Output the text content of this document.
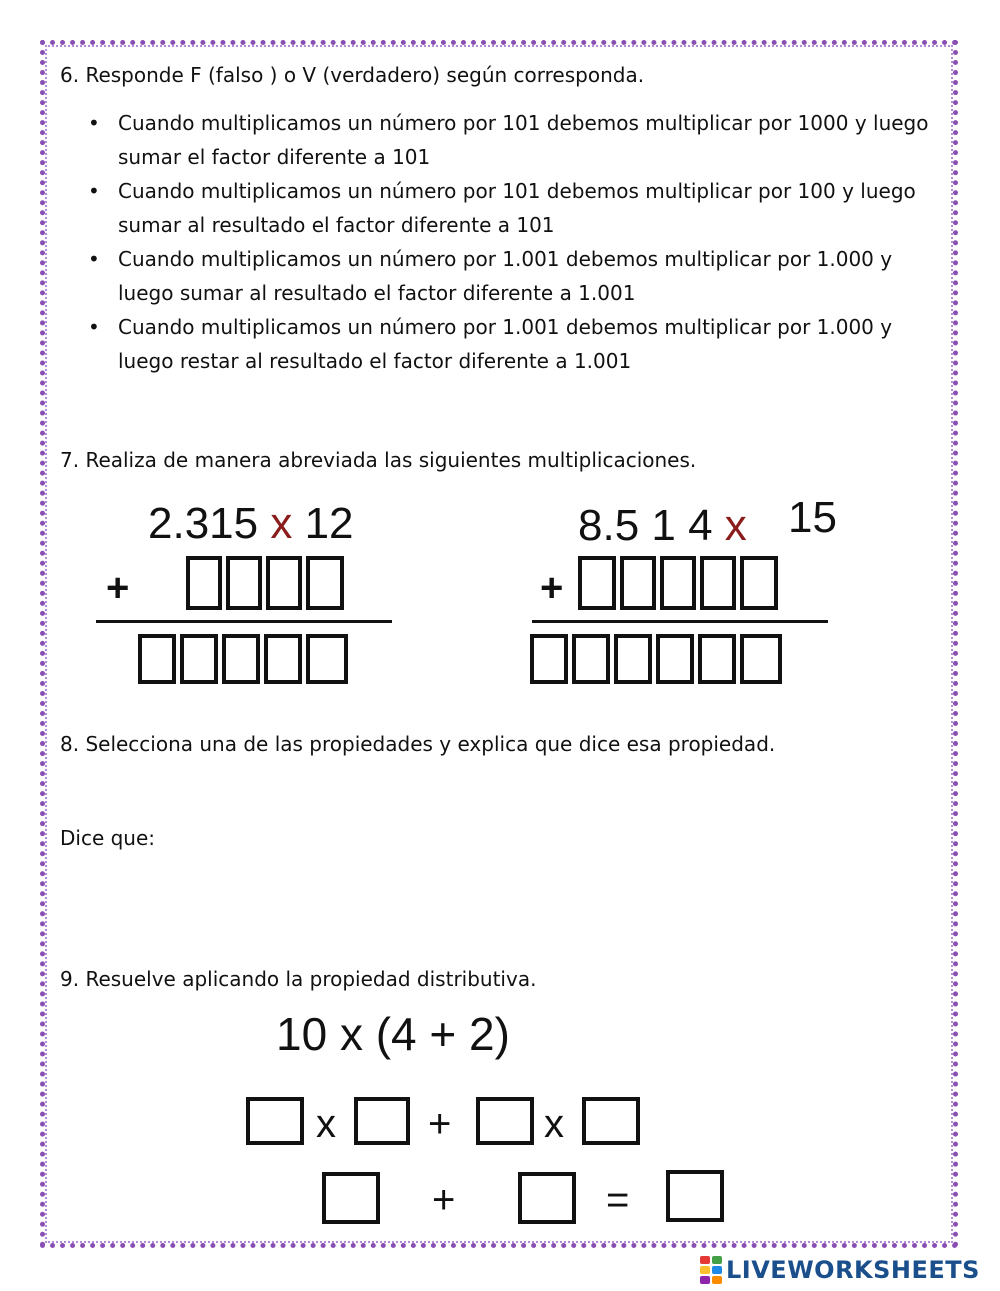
6. Responde F (falso ) o V (verdadero) según corresponda.
• Cuando multiplicamos un número por 101 debemos multiplicar por 1000 y luego
sumar el factor diferente a 101
• Cuando multiplicamos un número por 101 debemos multiplicar por 100 y luego
sumar al resultado el factor diferente a 101
• Cuando multiplicamos un número por 1.001 debemos multiplicar por 1.000 y
luego sumar al resultado el factor diferente a 1.001
• Cuando multiplicamos un número por 1.001 debemos multiplicar por 1.000 y
luego restar al resultado el factor diferente a 1.001
7. Realiza de manera abreviada las siguientes multiplicaciones.
2.315 x 12
+
8.5 1 4 x 15
+
8. Selecciona una de las propiedades y explica que dice esa propiedad.
Dice que:
9. Resuelve aplicando la propiedad distributiva.
10 x (4 + 2)
x + x
+	=
LIVEWORKSHEETS
